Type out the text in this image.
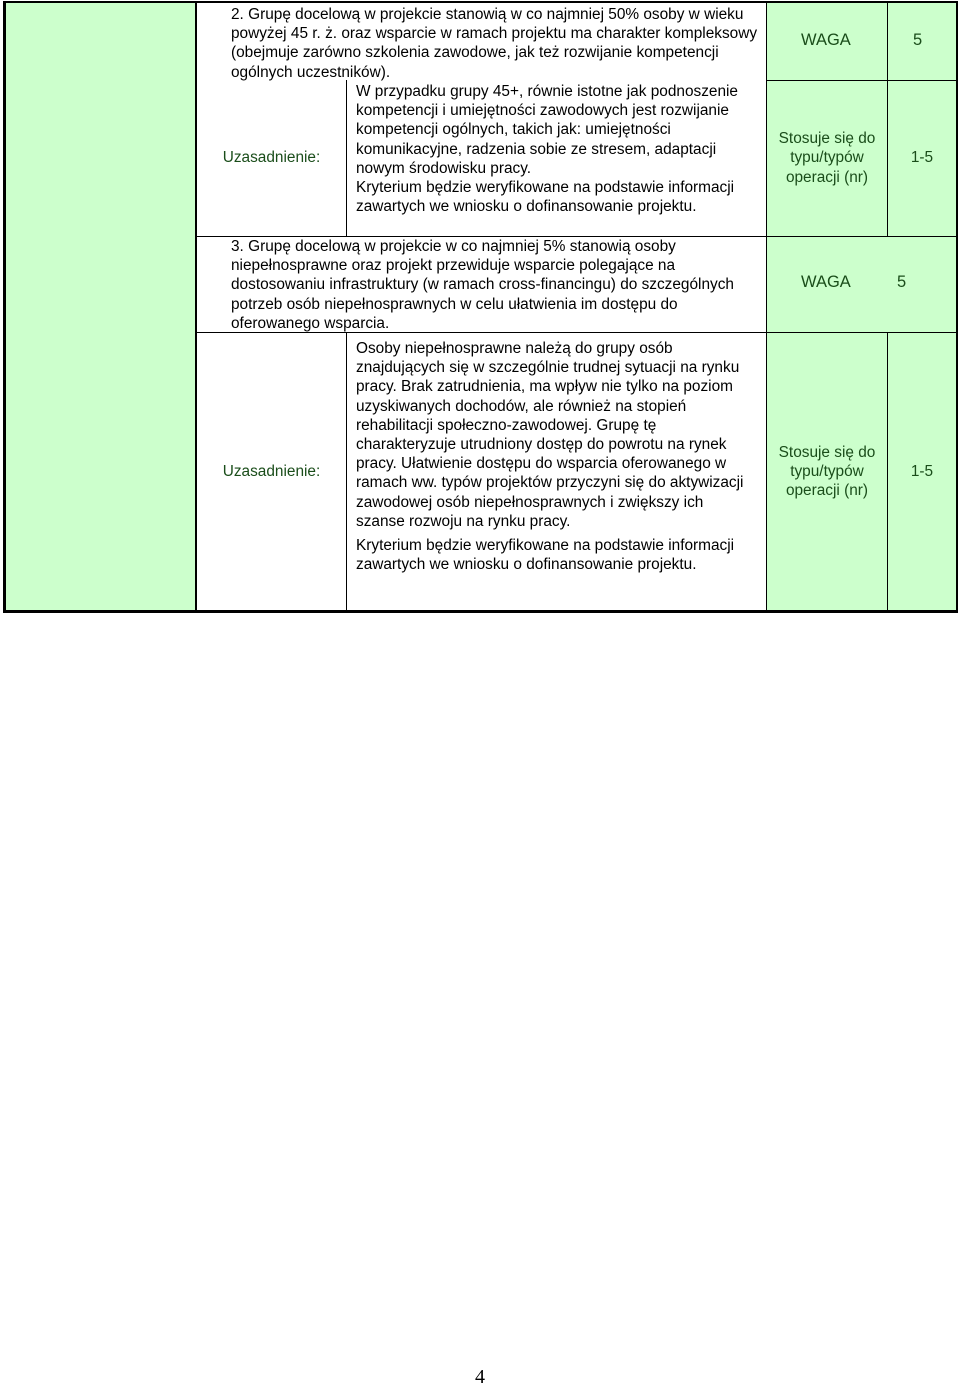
2. Grupę docelową w projekcie stanowią w co najmniej 50% osoby w wieku powyżej 45 r. ż. oraz wsparcie w ramach projektu ma charakter kompleksowy (obejmuje zarówno szkolenia zawodowe, jak też rozwijanie kompetencji ogólnych uczestników).

WAGA	5
Uzasadnienie:

W przypadku grupy 45+, równie istotne jak podnoszenie kompetencji i umiejętności zawodowych jest rozwijanie kompetencji ogólnych, takich jak: umiejętności komunikacyjne, radzenia sobie ze stresem, adaptacji nowym środowisku pracy.

Kryterium będzie weryfikowane na podstawie informacji zawartych we wniosku o dofinansowanie projektu.

Stosuje się do typu/typów operacji (nr)
1-5

3. Grupę docelową w projekcie w co najmniej 5% stanowią osoby niepełnosprawne oraz projekt przewiduje wsparcie polegające na dostosowaniu infrastruktury (w ramach cross-financingu) do szczególnych potrzeb osób niepełnosprawnych w celu ułatwienia im dostępu do oferowanego wsparcia.

WAGA	5
Uzasadnienie:

Osoby niepełnosprawne należą do grupy osób znajdujących się w szczególnie trudnej sytuacji na rynku pracy. Brak zatrudnienia, ma wpływ nie tylko na poziom uzyskiwanych dochodów, ale również na stopień rehabilitacji społeczno-zawodowej. Grupę tę charakteryzuje utrudniony dostęp do powrotu na rynek pracy. Ułatwienie dostępu do wsparcia oferowanego w ramach ww. typów projektów przyczyni się do aktywizacji zawodowej osób niepełnosprawnych i zwiększy ich szanse rozwoju na rynku pracy.

Kryterium będzie weryfikowane na podstawie informacji zawartych we wniosku o dofinansowanie projektu.

Stosuje się do typu/typów operacji (nr)
1-5
4
